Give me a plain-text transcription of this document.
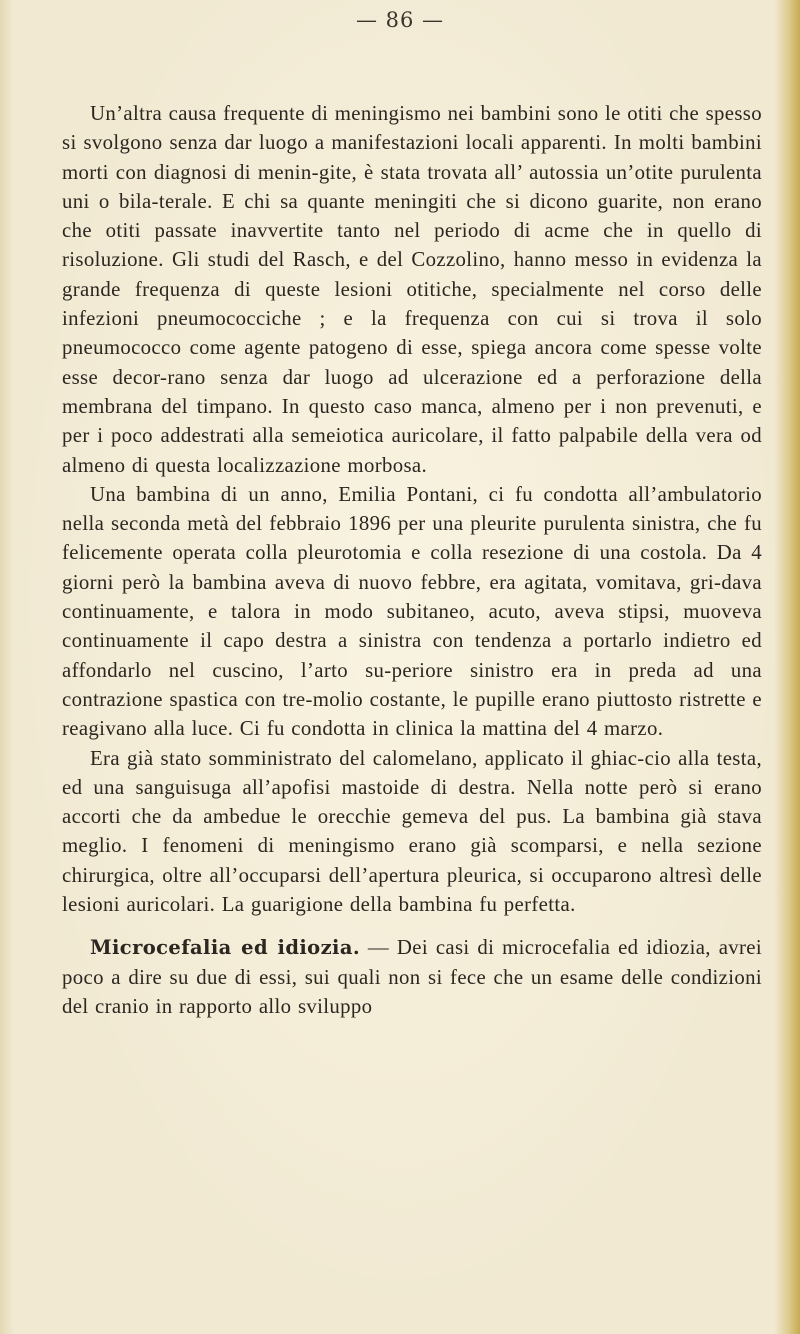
— 86 —

Un’altra causa frequente di meningismo nei bambini sono le otiti che spesso si svolgono senza dar luogo a manifestazioni locali apparenti. In molti bambini morti con diagnosi di menin-gite, è stata trovata all’ autossia un’otite purulenta uni o bila-terale. E chi sa quante meningiti che si dicono guarite, non erano che otiti passate inavvertite tanto nel periodo di acme che in quello di risoluzione. Gli studi del Rasch, e del Cozzolino, hanno messo in evidenza la grande frequenza di queste lesioni otitiche, specialmente nel corso delle infezioni pneumococciche ; e la frequenza con cui si trova il solo pneumococco come agente patogeno di esse, spiega ancora come spesse volte esse decor-rano senza dar luogo ad ulcerazione ed a perforazione della membrana del timpano. In questo caso manca, almeno per i non prevenuti, e per i poco addestrati alla semeiotica auricolare, il fatto palpabile della vera od almeno di questa localizzazione morbosa.

Una bambina di un anno, Emilia Pontani, ci fu condotta all’ambulatorio nella seconda metà del febbraio 1896 per una pleurite purulenta sinistra, che fu felicemente operata colla pleurotomia e colla resezione di una costola. Da 4 giorni però la bambina aveva di nuovo febbre, era agitata, vomitava, gri-dava continuamente, e talora in modo subitaneo, acuto, aveva stipsi, muoveva continuamente il capo destra a sinistra con tendenza a portarlo indietro ed affondarlo nel cuscino, l’arto su-periore sinistro era in preda ad una contrazione spastica con tre-molio costante, le pupille erano piuttosto ristrette e reagivano alla luce. Ci fu condotta in clinica la mattina del 4 marzo.

Era già stato somministrato del calomelano, applicato il ghiac-cio alla testa, ed una sanguisuga all’apofisi mastoide di destra. Nella notte però si erano accorti che da ambedue le orecchie gemeva del pus. La bambina già stava meglio. I fenomeni di meningismo erano già scomparsi, e nella sezione chirurgica, oltre all’occuparsi dell’apertura pleurica, si occuparono altresì delle lesioni auricolari. La guarigione della bambina fu perfetta.

Microcefalia ed idiozia. — Dei casi di microcefalia ed idiozia, avrei poco a dire su due di essi, sui quali non si fece che un esame delle condizioni del cranio in rapporto allo sviluppo
